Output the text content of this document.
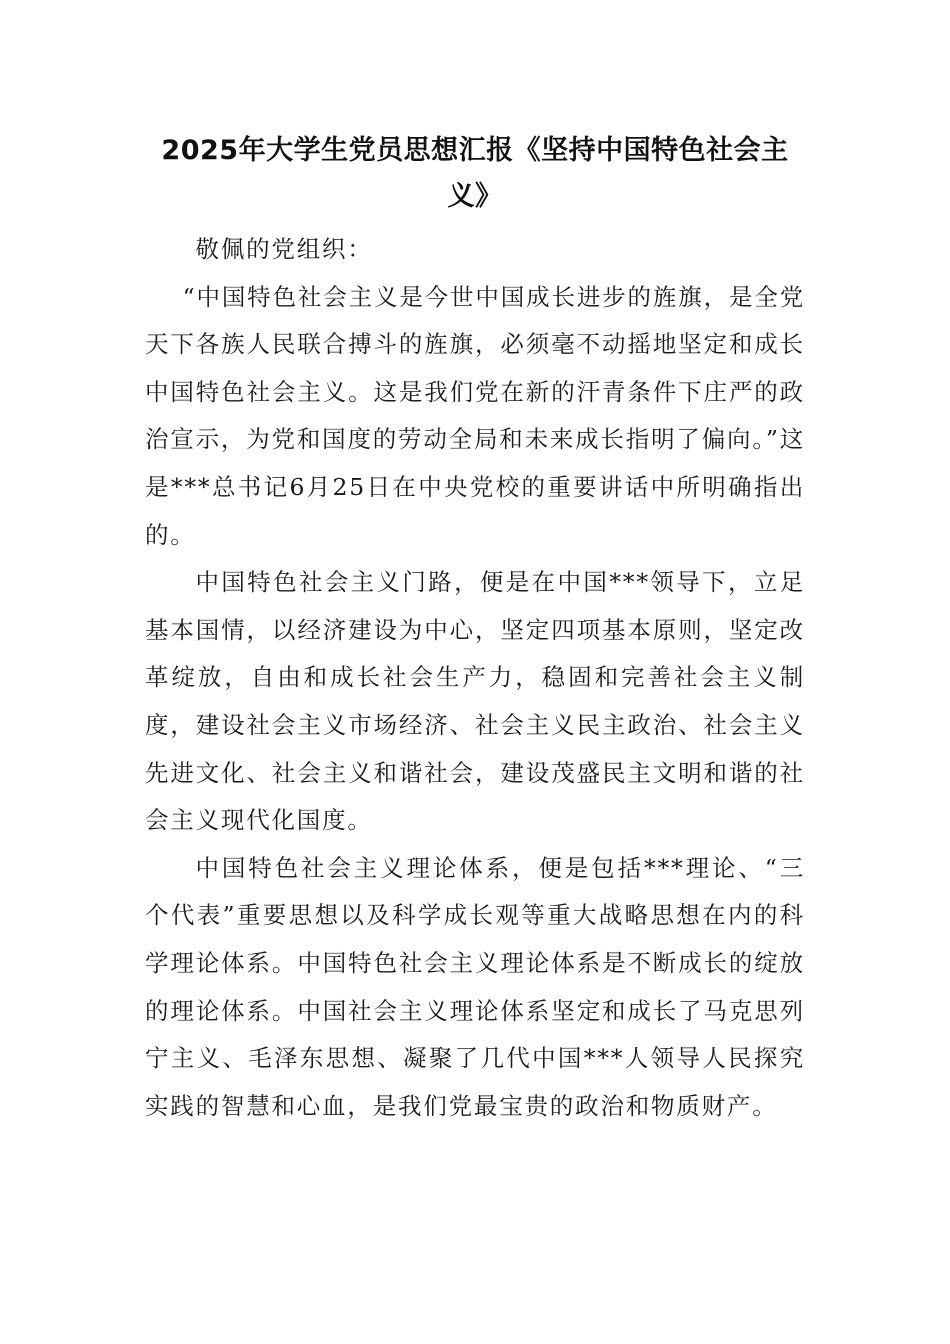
2025年大学生党员思想汇报《坚持中国特色社会主义》

敬佩的党组织：

“中国特色社会主义是今世中国成长进步的旌旗，是全党天下各族人民联合搏斗的旌旗，必须毫不动摇地坚定和成长中国特色社会主义。这是我们党在新的汗青条件下庄严的政治宣示，为党和国度的劳动全局和未来成长指明了偏向。”这是***总书记6月25日在中央党校的重要讲话中所明确指出的。

中国特色社会主义门路，便是在中国***领导下，立足基本国情，以经济建设为中心，坚定四项基本原则，坚定改革绽放，自由和成长社会生产力，稳固和完善社会主义制度，建设社会主义市场经济、社会主义民主政治、社会主义先进文化、社会主义和谐社会，建设茂盛民主文明和谐的社会主义现代化国度。

中国特色社会主义理论体系，便是包括***理论、“三个代表”重要思想以及科学成长观等重大战略思想在内的科学理论体系。中国特色社会主义理论体系是不断成长的绽放的理论体系。中国社会主义理论体系坚定和成长了马克思列宁主义、毛泽东思想、凝聚了几代中国***人领导人民探究实践的智慧和心血，是我们党最宝贵的政治和物质财产。
